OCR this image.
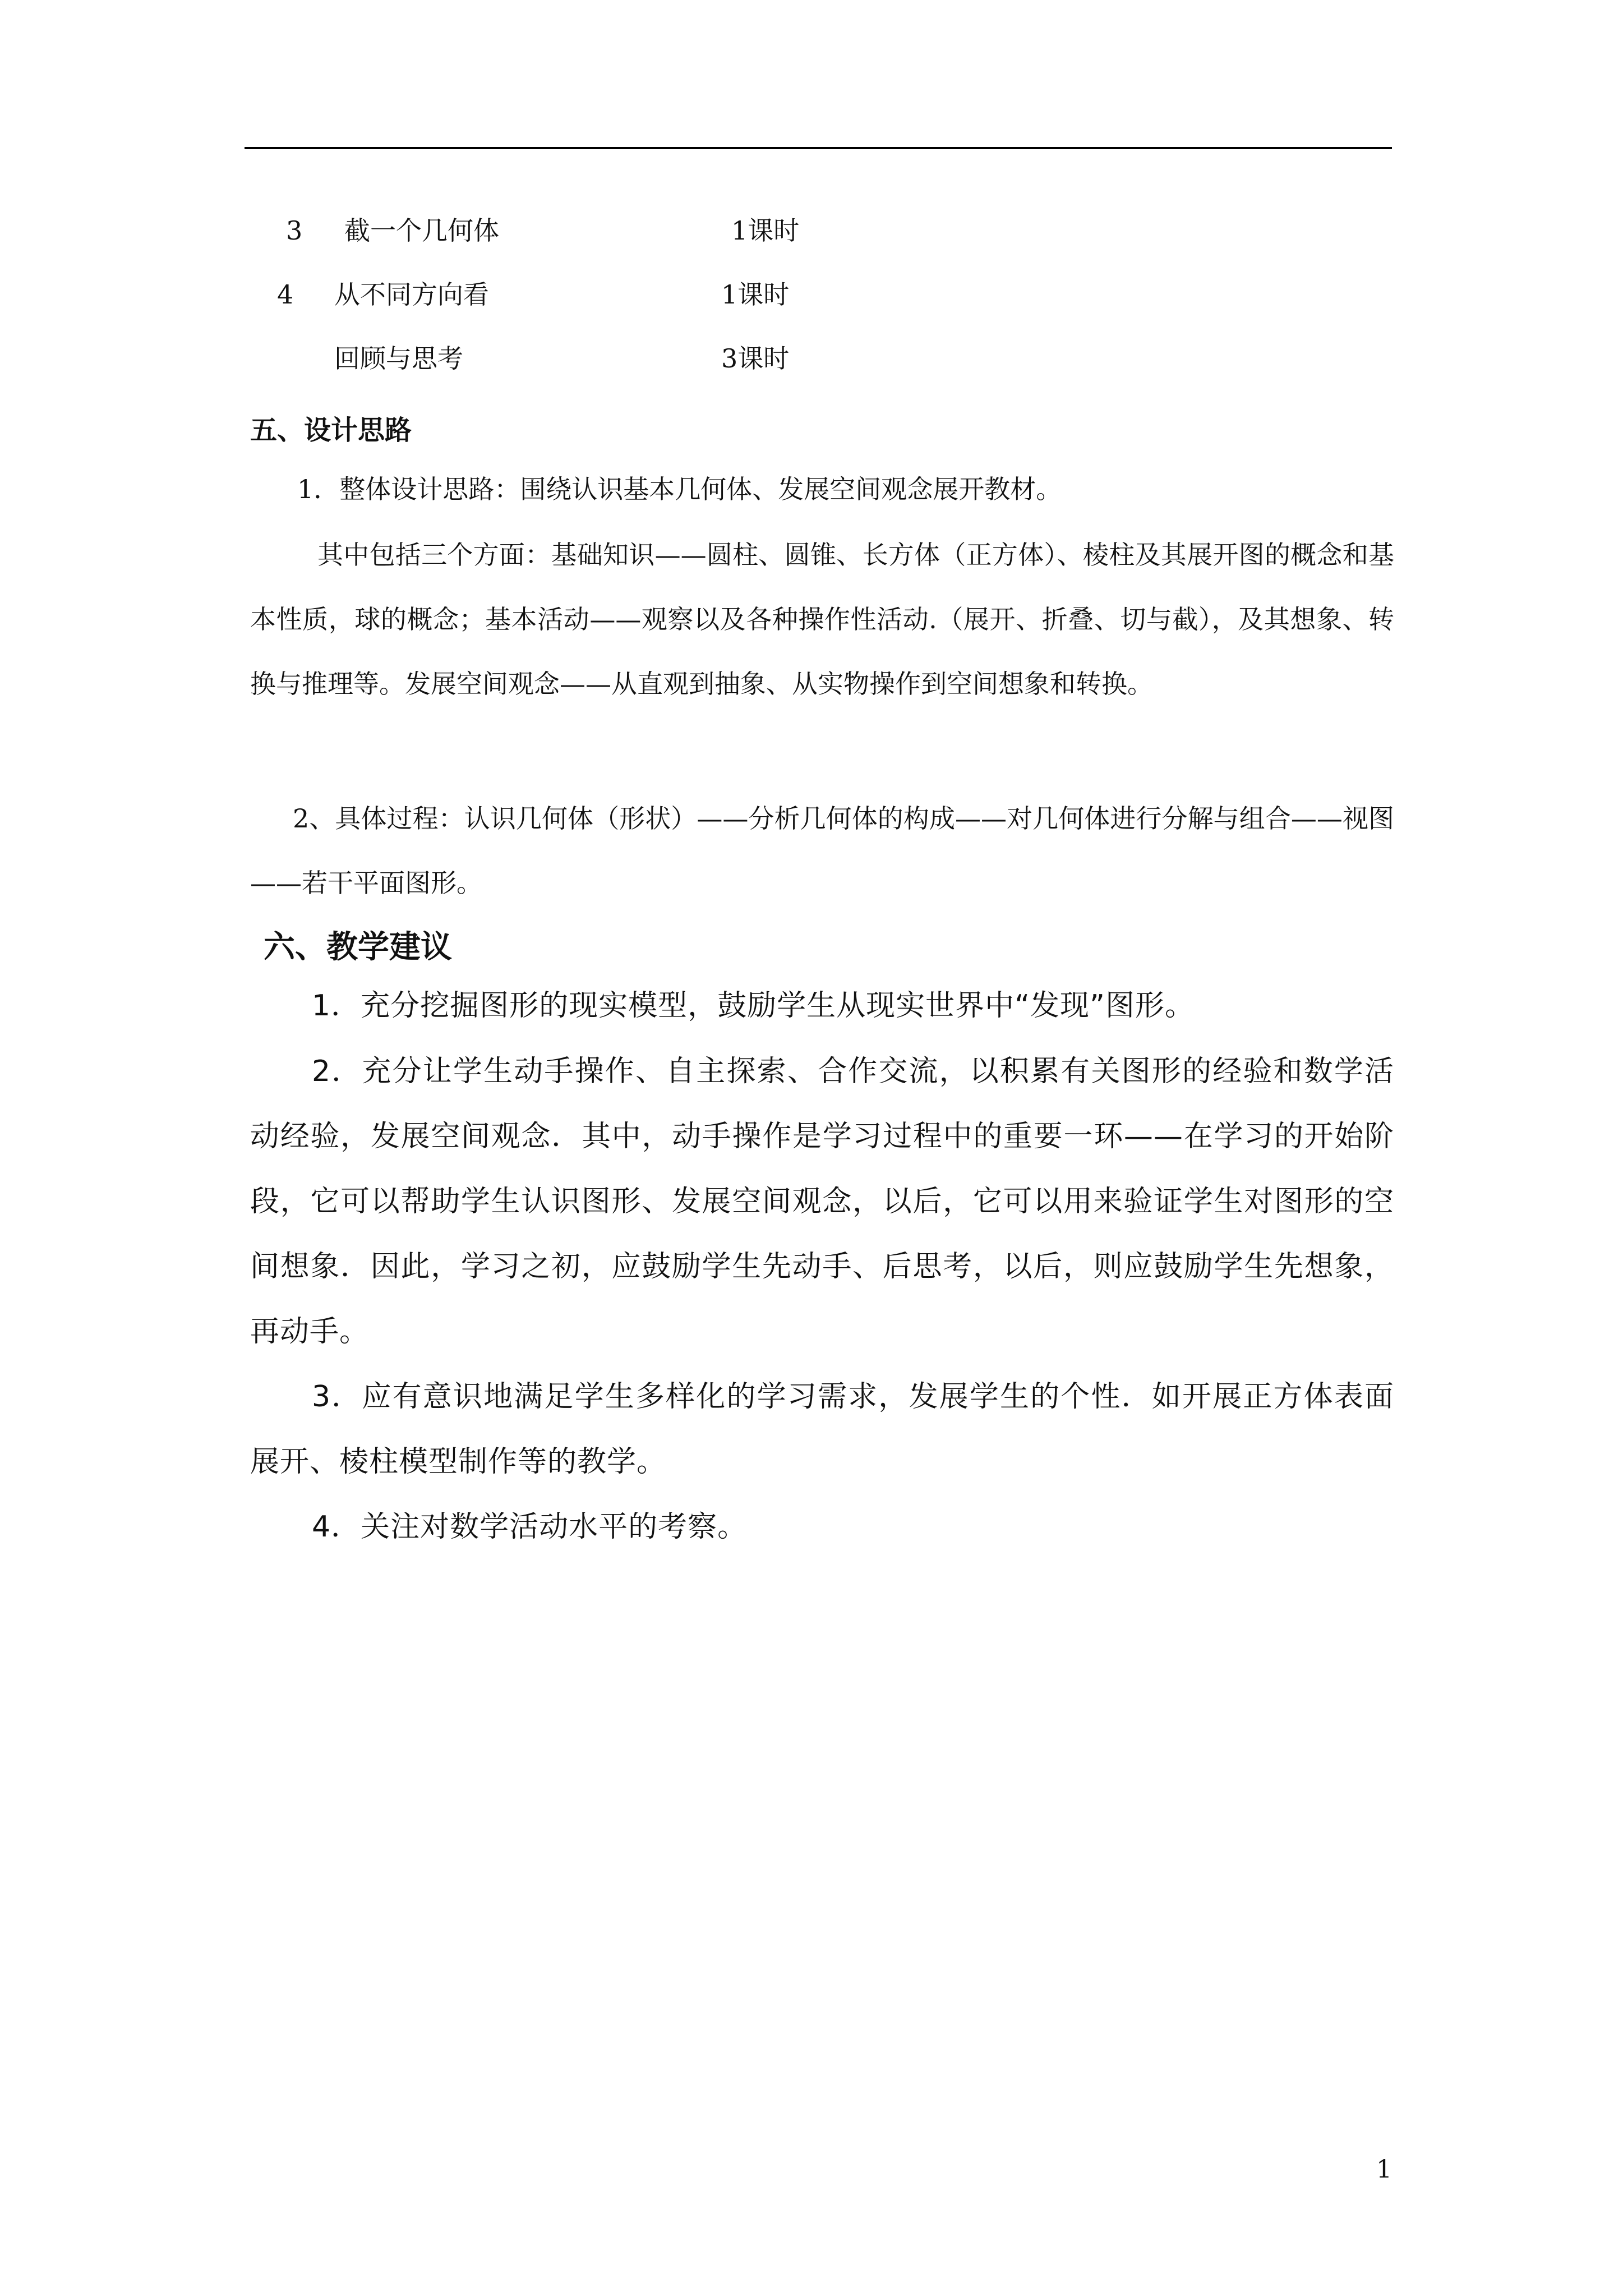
3 截一个几何体	1课时
4 从不同方向看	1课时
回顾与思考	3课时
五、设计思路
1．整体设计思路：围绕认识基本几何体、发展空间观念展开教材。
其中包括三个方面：基础知识——圆柱、圆锥、长方体（正方体）、棱柱及其展开图的概念和基本性质，球的概念；基本活动——观察以及各种操作性活动.（展开、折叠、切与截），及其想象、转换与推理等。发展空间观念——从直观到抽象、从实物操作到空间想象和转换。
2、具体过程：认识几何体（形状）——分析几何体的构成——对几何体进行分解与组合——视图——若干平面图形。
六、教学建议
1．充分挖掘图形的现实模型，鼓励学生从现实世界中“发现”图形。
2．充分让学生动手操作、自主探索、合作交流，以积累有关图形的经验和数学活动经验，发展空间观念．其中，动手操作是学习过程中的重要一环——在学习的开始阶段，它可以帮助学生认识图形、发展空间观念，以后，它可以用来验证学生对图形的空间想象．因此，学习之初，应鼓励学生先动手、后思考，以后，则应鼓励学生先想象，再动手。
3．应有意识地满足学生多样化的学习需求，发展学生的个性．如开展正方体表面展开、棱柱模型制作等的教学。
4．关注对数学活动水平的考察。
1
